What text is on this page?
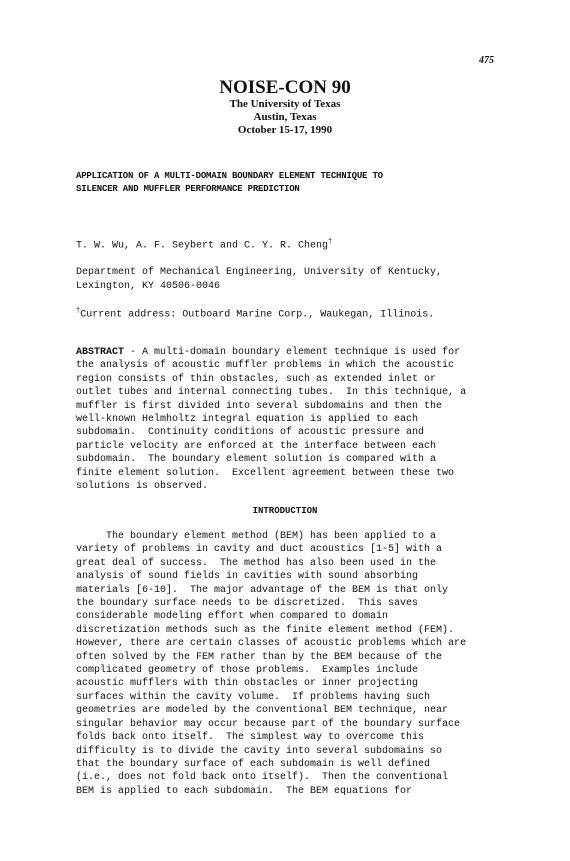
475
NOISE-CON 90
The University of Texas
Austin, Texas
October 15-17, 1990
APPLICATION OF A MULTI-DOMAIN BOUNDARY ELEMENT TECHNIQUE TO
SILENCER AND MUFFLER PERFORMANCE PREDICTION
T. W. Wu, A. F. Seybert and C. Y. R. Cheng†
Department of Mechanical Engineering, University of Kentucky,
Lexington, KY 40506-0046
†Current address: Outboard Marine Corp., Waukegan, Illinois.
ABSTRACT - A multi-domain boundary element technique is used for
the analysis of acoustic muffler problems in which the acoustic
region consists of thin obstacles, such as extended inlet or
outlet tubes and internal connecting tubes.  In this technique, a
muffler is first divided into several subdomains and then the
well-known Helmholtz integral equation is applied to each
subdomain.  Continuity conditions of acoustic pressure and
particle velocity are enforced at the interface between each
subdomain.  The boundary element solution is compared with a
finite element solution.  Excellent agreement between these two
solutions is observed.
INTRODUCTION
The boundary element method (BEM) has been applied to a
variety of problems in cavity and duct acoustics [1-5] with a
great deal of success.  The method has also been used in the
analysis of sound fields in cavities with sound absorbing
materials [6-10].  The major advantage of the BEM is that only
the boundary surface needs to be discretized.  This saves
considerable modeling effort when compared to domain
discretization methods such as the finite element method (FEM).
However, there are certain classes of acoustic problems which are
often solved by the FEM rather than by the BEM because of the
complicated geometry of those problems.  Examples include
acoustic mufflers with thin obstacles or inner projecting
surfaces within the cavity volume.  If problems having such
geometries are modeled by the conventional BEM technique, near
singular behavior may occur because part of the boundary surface
folds back onto itself.  The simplest way to overcome this
difficulty is to divide the cavity into several subdomains so
that the boundary surface of each subdomain is well defined
(i.e., does not fold back onto itself).  Then the conventional
BEM is applied to each subdomain.  The BEM equations for
